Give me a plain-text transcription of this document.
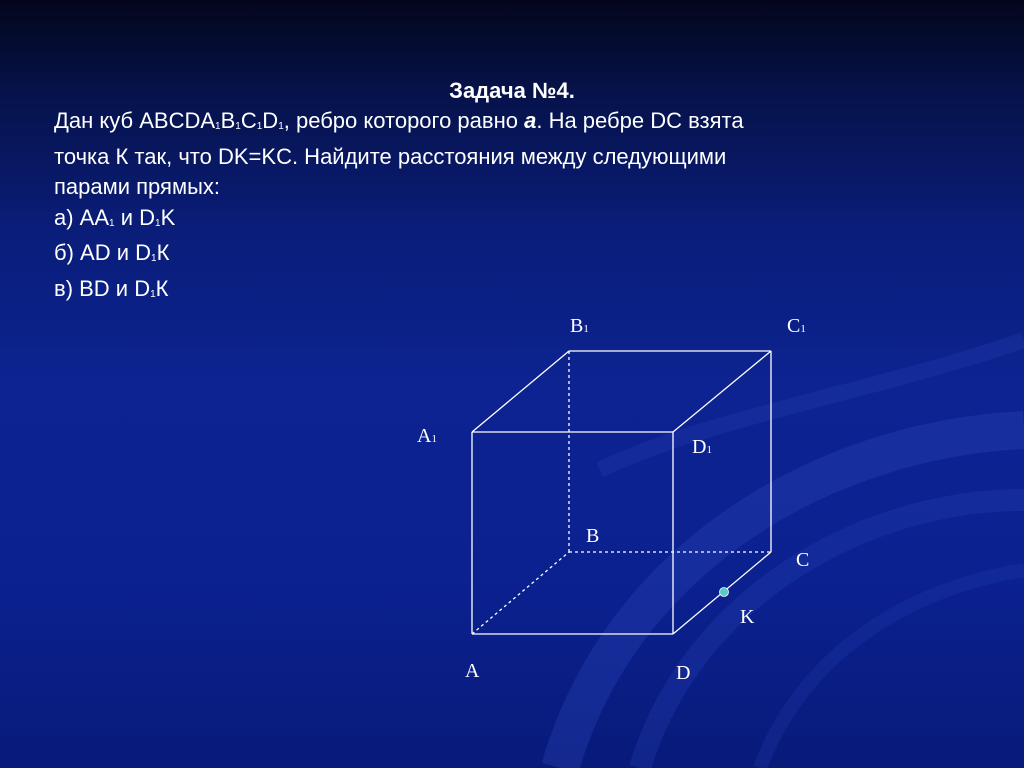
Задача №4.

Дан куб ABCDA1B1C1D1, ребро которого равно a. На ребре DC взята

точка К так, что DK=KC. Найдите расстояния между следующими

парами прямых:

а) АА1 и D1K

б) AD и D1К

в) BD и D1К

B1	C1
A1	D1
B
C
K
A	D
